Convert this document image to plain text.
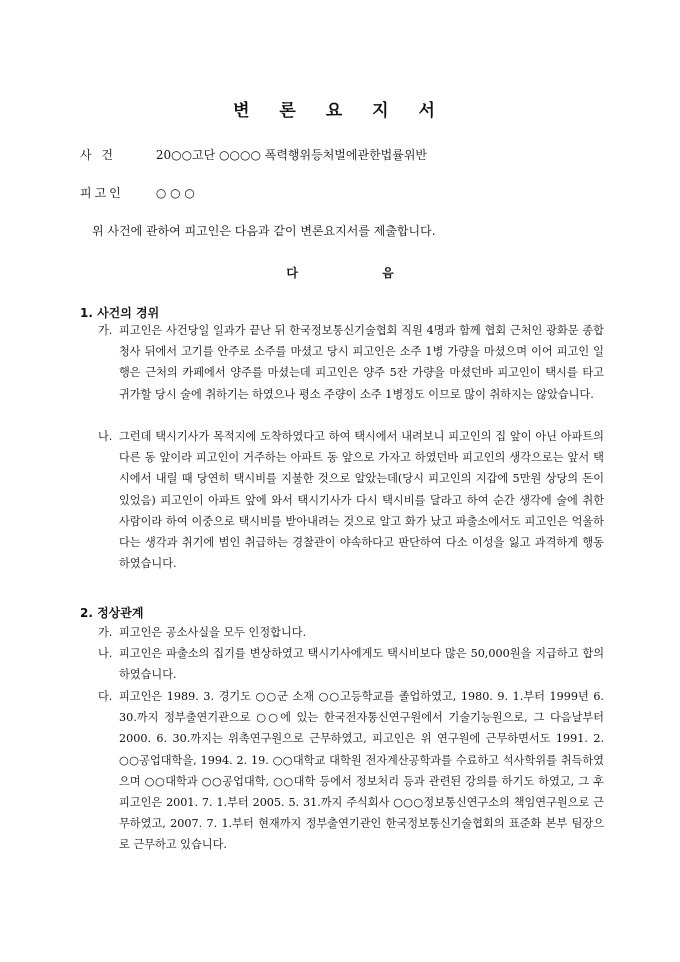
변 론 요 지 서
사 건	20○○고단 ○○○○ 폭력행위등처벌에관한법률위반
피고인	○ ○ ○
위 사건에 관하여 피고인은 다음과 같이 변론요지서를 제출합니다.
다 음
1. 사건의 경위
가. 피고인은 사건당일 일과가 끝난 뒤 한국정보통신기술협회 직원 4명과 함께 협회 근처인 광화문 종합청사 뒤에서 고기를 안주로 소주를 마셨고 당시 피고인은 소주 1병 가량을 마셨으며 이어 피고인 일행은 근처의 카페에서 양주를 마셨는데 피고인은 양주 5잔 가량을 마셨던바 피고인이 택시를 타고 귀가할 당시 술에 취하기는 하였으나 평소 주량이 소주 1병정도 이므로 많이 취하지는 않았습니다.
나. 그런데 택시기사가 목적지에 도착하였다고 하여 택시에서 내려보니 피고인의 집 앞이 아닌 아파트의 다른 동 앞이라 피고인이 거주하는 아파트 동 앞으로 가자고 하였던바 피고인의 생각으로는 앞서 택시에서 내릴 때 당연히 택시비를 지불한 것으로 알았는데(당시 피고인의 지갑에 5만원 상당의 돈이 있었음) 피고인이 아파트 앞에 와서 택시기사가 다시 택시비를 달라고 하여 순간 생각에 술에 취한 사람이라 하여 이중으로 택시비를 받아내려는 것으로 알고 화가 났고 파출소에서도 피고인은 억울하다는 생각과 취기에 범인 취급하는 경찰관이 야속하다고 판단하여 다소 이성을 잃고 과격하게 행동하였습니다.
2. 정상관계
가. 피고인은 공소사실을 모두 인정합니다.
나. 피고인은 파출소의 집기를 변상하였고 택시기사에게도 택시비보다 많은 50,000원을 지급하고 합의하였습니다.
다. 피고인은 1989. 3. 경기도 ○○군 소재 ○○고등학교를 졸업하였고, 1980. 9. 1.부터 1999년 6. 30.까지 정부출연기관으로 ○○에 있는 한국전자통신연구원에서 기술기능원으로, 그 다음날부터 2000. 6. 30.까지는 위촉연구원으로 근무하였고, 피고인은 위 연구원에 근무하면서도 1991. 2. ○○공업대학을, 1994. 2. 19. ○○대학교 대학원 전자계산공학과를 수료하고 석사학위를 취득하였으며 ○○대학과 ○○공업대학, ○○대학 등에서 정보처리 등과 관련된 강의를 하기도 하였고, 그 후 피고인은 2001. 7. 1.부터 2005. 5. 31.까지 주식회사 ○○○정보통신연구소의 책임연구원으로 근무하였고, 2007. 7. 1.부터 현재까지 정부출연기관인 한국정보통신기술협회의 표준화 본부 팀장으로 근무하고 있습니다.
